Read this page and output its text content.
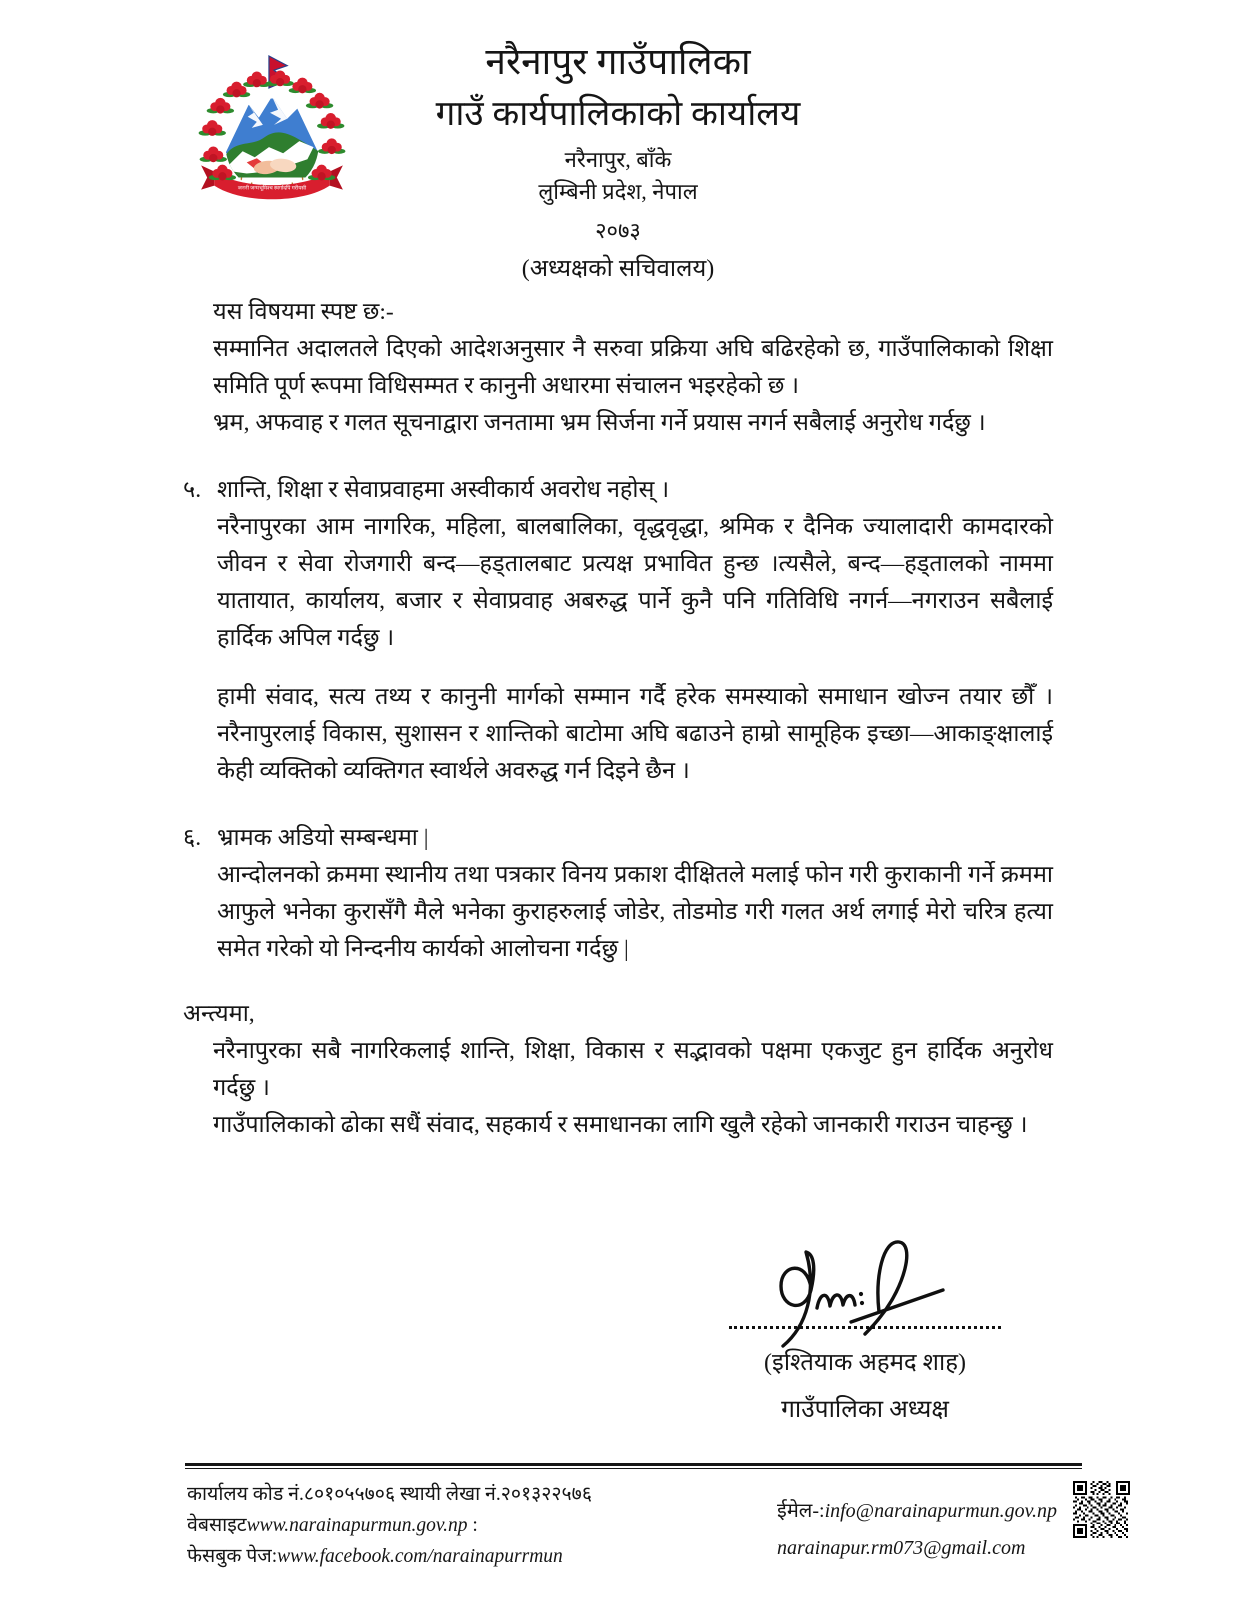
जननी जन्मभूमिश्च स्वर्गादपि गरीयसी
नरैनापुर गाउँपालिका
गाउँ कार्यपालिकाको कार्यालय
नरैनापुर, बाँके
लुम्बिनी प्रदेश, नेपाल
२०७३
(अध्यक्षको सचिवालय)
यस विषयमा स्पष्ट छ:-

सम्मानित अदालतले दिएको आदेशअनुसार नै सरुवा प्रक्रिया अघि बढिरहेको छ, गाउँपालिकाको शिक्षा समिति पूर्ण रूपमा विधिसम्मत र कानुनी अधारमा संचालन भइरहेको छ ।

भ्रम, अफवाह र गलत सूचनाद्वारा जनतामा भ्रम सिर्जना गर्ने प्रयास नगर्न सबैलाई अनुरोध गर्दछु ।

५. शान्ति, शिक्षा र सेवाप्रवाहमा अस्वीकार्य अवरोध नहोस् ।

नरैनापुरका आम नागरिक, महिला, बालबालिका, वृद्धवृद्धा, श्रमिक र दैनिक ज्यालादारी कामदारको जीवन र सेवा रोजगारी बन्द—हड्तालबाट प्रत्यक्ष प्रभावित हुन्छ ।त्यसैले, बन्द—हड्तालको नाममा यातायात, कार्यालय, बजार र सेवाप्रवाह अबरुद्ध पार्ने कुनै पनि गतिविधि नगर्न—नगराउन सबैलाई हार्दिक अपिल गर्दछु ।

हामी संवाद, सत्य तथ्य र कानुनी मार्गको सम्मान गर्दै हरेक समस्याको समाधान खोज्न तयार छौँ ।नरैनापुरलाई विकास, सुशासन र शान्तिको बाटोमा अघि बढाउने हाम्रो सामूहिक इच्छा—आकाङ्क्षालाई केही व्यक्तिको व्यक्तिगत स्वार्थले अवरुद्ध गर्न दिइने छैन ।

६. भ्रामक अडियो सम्बन्धमा |

आन्दोलनको क्रममा स्थानीय तथा पत्रकार विनय प्रकाश दीक्षितले मलाई फोन गरी कुराकानी गर्ने क्रममा आफुले भनेका कुरासँगै मैले भनेका कुराहरुलाई जोडेर, तोडमोड गरी गलत अर्थ लगाई मेरो चरित्र हत्या समेत गरेको यो निन्दनीय कार्यको आलोचना गर्दछु |

अन्त्यमा,

नरैनापुरका सबै नागरिकलाई शान्ति, शिक्षा, विकास र सद्भावको पक्षमा एकजुट हुन हार्दिक अनुरोध गर्दछु ।

गाउँपालिकाको ढोका सधैं संवाद, सहकार्य र समाधानका लागि खुलै रहेको जानकारी गराउन चाहन्छु ।

(इश्तियाक अहमद शाह)
गाउँपालिका अध्यक्ष
कार्यालय कोड नं.८०१०५५७०६ स्थायी लेखा नं.२०१३२२५७६
वेबसाइटwww.narainapurmun.gov.np :
फेसबुक पेज:www.facebook.com/narainapurrmun
ईमेल-:info@narainapurmun.gov.np
narainapur.rm073@gmail.com
